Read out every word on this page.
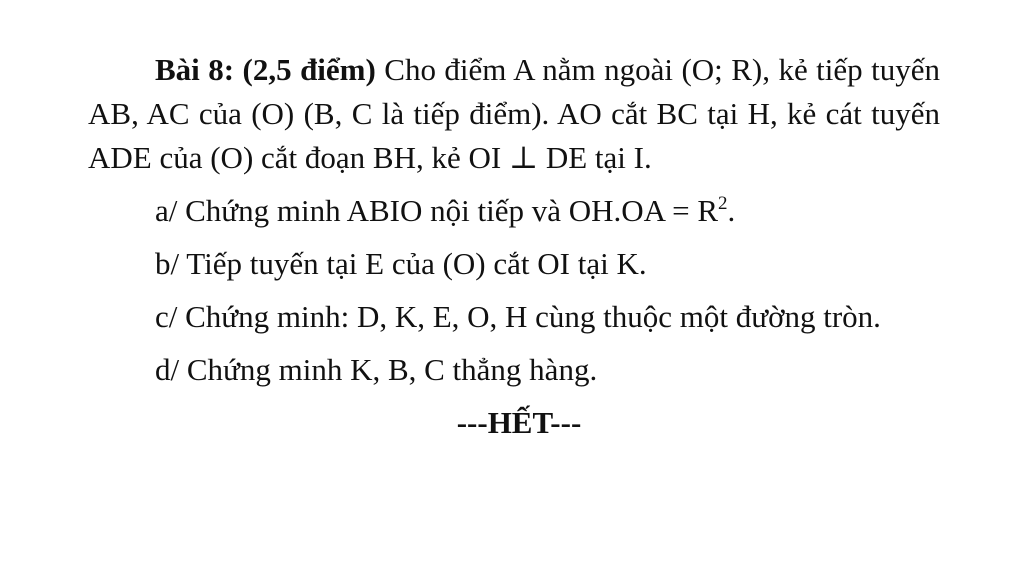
Bài 8: (2,5 điểm) Cho điểm A nằm ngoài (O; R), kẻ tiếp tuyến AB, AC của (O) (B, C là tiếp điểm). AO cắt BC tại H, kẻ cát tuyến ADE của (O) cắt đoạn BH, kẻ OI ⊥ DE tại I.

a/ Chứng minh ABIO nội tiếp và $OH.OA = R^2$.

b/ Tiếp tuyến tại E của (O) cắt OI tại K.

c/ Chứng minh: D, K, E, O, H cùng thuộc một đường tròn.

d/ Chứng minh K, B, C thẳng hàng.

---HẾT---
